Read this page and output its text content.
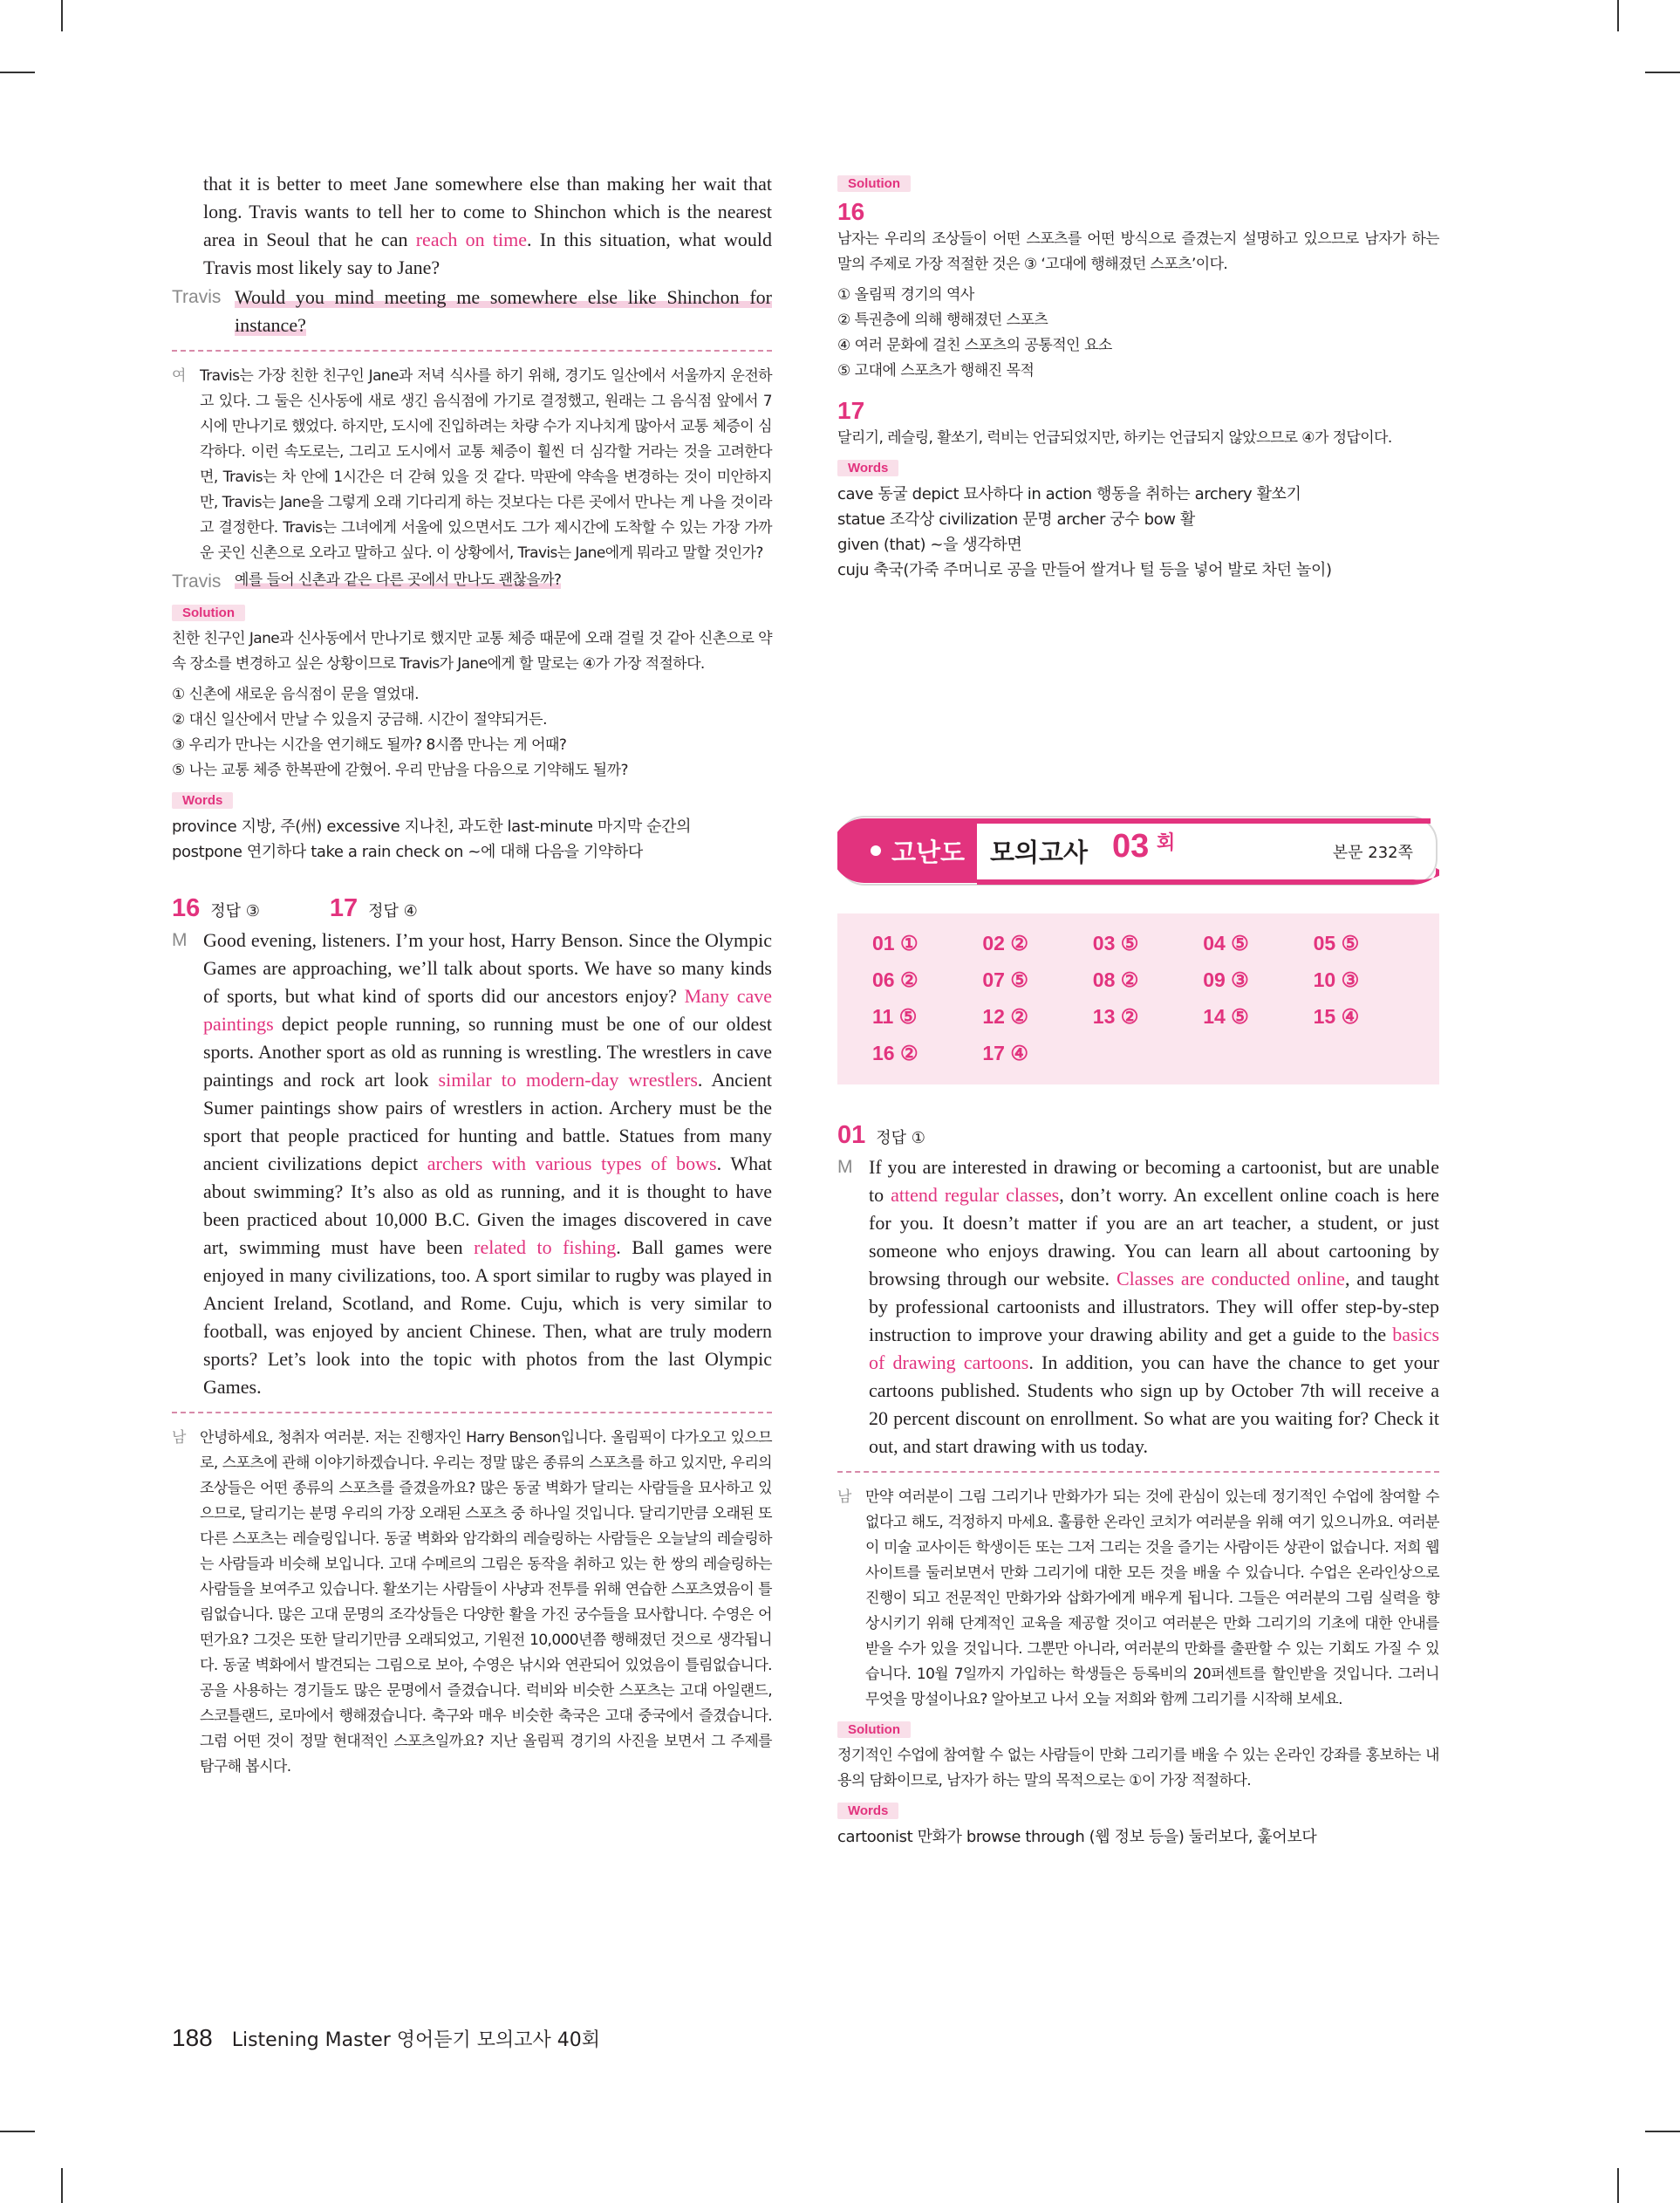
that it is better to meet Jane somewhere else than making her wait that long. Travis wants to tell her to come to Shinchon which is the nearest area in Seoul that he can reach on time. In this situation, what would Travis most likely say to Jane?
Travis Would you mind meeting me somewhere else like Shinchon for instance?
여 Travis는 가장 친한 친구인 Jane과 저녁 식사를 하기 위해, 경기도 일산에서 서울까지 운전하고 있다. 그 둘은 신사동에 새로 생긴 음식점에 가기로 결정했고, 원래는 그 음식점 앞에서 7시에 만나기로 했었다. 하지만, 도시에 진입하려는 차량 수가 지나치게 많아서 교통 체증이 심각하다. 이런 속도로는, 그리고 도시에서 교통 체증이 훨씬 더 심각할 거라는 것을 고려한다면, Travis는 차 안에 1시간은 더 갇혀 있을 것 같다. 막판에 약속을 변경하는 것이 미안하지만, Travis는 Jane을 그렇게 오래 기다리게 하는 것보다는 다른 곳에서 만나는 게 나을 것이라고 결정한다. Travis는 그녀에게 서울에 있으면서도 그가 제시간에 도착할 수 있는 가장 가까운 곳인 신촌으로 오라고 말하고 싶다. 이 상황에서, Travis는 Jane에게 뭐라고 말할 것인가?
Travis 예를 들어 신촌과 같은 다른 곳에서 만나도 괜찮을까?
Solution
친한 친구인 Jane과 신사동에서 만나기로 했지만 교통 체증 때문에 오래 걸릴 것 같아 신촌으로 약속 장소를 변경하고 싶은 상황이므로 Travis가 Jane에게 할 말로는 ④가 가장 적절하다.
① 신촌에 새로운 음식점이 문을 열었대.
② 대신 일산에서 만날 수 있을지 궁금해. 시간이 절약되거든.
③ 우리가 만나는 시간을 연기해도 될까? 8시쯤 만나는 게 어때?
⑤ 나는 교통 체증 한복판에 갇혔어. 우리 만남을 다음으로 기약해도 될까?
Words
province 지방, 주(州) excessive 지나친, 과도한 last-minute 마지막 순간의
postpone 연기하다 take a rain check on ~에 대해 다음을 기약하다
16 정답 ③	17 정답 ④
M Good evening, listeners. I’m your host, Harry Benson. Since the Olympic Games are approaching, we’ll talk about sports. We have so many kinds of sports, but what kind of sports did our ancestors enjoy? Many cave paintings depict people running, so running must be one of our oldest sports. Another sport as old as running is wrestling. The wrestlers in cave paintings and rock art look similar to modern-day wrestlers. Ancient Sumer paintings show pairs of wrestlers in action. Archery must be the sport that people practiced for hunting and battle. Statues from many ancient civilizations depict archers with various types of bows. What about swimming? It’s also as old as running, and it is thought to have been practiced about 10,000 B.C. Given the images discovered in cave art, swimming must have been related to fishing. Ball games were enjoyed in many civilizations, too. A sport similar to rugby was played in Ancient Ireland, Scotland, and Rome. Cuju, which is very similar to football, was enjoyed by ancient Chinese. Then, what are truly modern sports? Let’s look into the topic with photos from the last Olympic Games.
남 안녕하세요, 청취자 여러분. 저는 진행자인 Harry Benson입니다. 올림픽이 다가오고 있으므로, 스포츠에 관해 이야기하겠습니다. 우리는 정말 많은 종류의 스포츠를 하고 있지만, 우리의 조상들은 어떤 종류의 스포츠를 즐겼을까요? 많은 동굴 벽화가 달리는 사람들을 묘사하고 있으므로, 달리기는 분명 우리의 가장 오래된 스포츠 중 하나일 것입니다. 달리기만큼 오래된 또 다른 스포츠는 레슬링입니다. 동굴 벽화와 암각화의 레슬링하는 사람들은 오늘날의 레슬링하는 사람들과 비슷해 보입니다. 고대 수메르의 그림은 동작을 취하고 있는 한 쌍의 레슬링하는 사람들을 보여주고 있습니다. 활쏘기는 사람들이 사냥과 전투를 위해 연습한 스포츠였음이 틀림없습니다. 많은 고대 문명의 조각상들은 다양한 활을 가진 궁수들을 묘사합니다. 수영은 어떤가요? 그것은 또한 달리기만큼 오래되었고, 기원전 10,000년쯤 행해졌던 것으로 생각됩니다. 동굴 벽화에서 발견되는 그림으로 보아, 수영은 낚시와 연관되어 있었음이 틀림없습니다. 공을 사용하는 경기들도 많은 문명에서 즐겼습니다. 럭비와 비슷한 스포츠는 고대 아일랜드, 스코틀랜드, 로마에서 행해졌습니다. 축구와 매우 비슷한 축국은 고대 중국에서 즐겼습니다. 그럼 어떤 것이 정말 현대적인 스포츠일까요? 지난 올림픽 경기의 사진을 보면서 그 주제를 탐구해 봅시다.
Solution
16
남자는 우리의 조상들이 어떤 스포츠를 어떤 방식으로 즐겼는지 설명하고 있으므로 남자가 하는 말의 주제로 가장 적절한 것은 ③ ‘고대에 행해졌던 스포츠’이다.
① 올림픽 경기의 역사
② 특권층에 의해 행해졌던 스포츠
④ 여러 문화에 걸친 스포츠의 공통적인 요소
⑤ 고대에 스포츠가 행해진 목적
17
달리기, 레슬링, 활쏘기, 럭비는 언급되었지만, 하키는 언급되지 않았으므로 ④가 정답이다.
Words
cave 동굴 depict 묘사하다 in action 행동을 취하는 archery 활쏘기
statue 조각상 civilization 문명 archer 궁수 bow 활
given (that) ~을 생각하면
cuju 축국(가죽 주머니로 공을 만들어 쌀겨나 털 등을 넣어 발로 차던 놀이)
고난도 모의고사 03 회	본문 232쪽
01 ①	02 ②	03 ⑤	04 ⑤	05 ⑤
06 ②	07 ⑤	08 ②	09 ③	10 ③
11 ⑤	12 ②	13 ②	14 ⑤	15 ④
16 ②	17 ④
01 정답 ①
M If you are interested in drawing or becoming a cartoonist, but are unable to attend regular classes, don’t worry. An excellent online coach is here for you. It doesn’t matter if you are an art teacher, a student, or just someone who enjoys drawing. You can learn all about cartooning by browsing through our website. Classes are conducted online, and taught by professional cartoonists and illustrators. They will offer step-by-step instruction to improve your drawing ability and get a guide to the basics of drawing cartoons. In addition, you can have the chance to get your cartoons published. Students who sign up by October 7th will receive a 20 percent discount on enrollment. So what are you waiting for? Check it out, and start drawing with us today.
남 만약 여러분이 그림 그리기나 만화가가 되는 것에 관심이 있는데 정기적인 수업에 참여할 수 없다고 해도, 걱정하지 마세요. 훌륭한 온라인 코치가 여러분을 위해 여기 있으니까요. 여러분이 미술 교사이든 학생이든 또는 그저 그리는 것을 즐기는 사람이든 상관이 없습니다. 저희 웹 사이트를 둘러보면서 만화 그리기에 대한 모든 것을 배울 수 있습니다. 수업은 온라인상으로 진행이 되고 전문적인 만화가와 삽화가에게 배우게 됩니다. 그들은 여러분의 그림 실력을 향상시키기 위해 단계적인 교육을 제공할 것이고 여러분은 만화 그리기의 기초에 대한 안내를 받을 수가 있을 것입니다. 그뿐만 아니라, 여러분의 만화를 출판할 수 있는 기회도 가질 수 있습니다. 10월 7일까지 가입하는 학생들은 등록비의 20퍼센트를 할인받을 것입니다. 그러니 무엇을 망설이나요? 알아보고 나서 오늘 저희와 함께 그리기를 시작해 보세요.
Solution
정기적인 수업에 참여할 수 없는 사람들이 만화 그리기를 배울 수 있는 온라인 강좌를 홍보하는 내용의 담화이므로, 남자가 하는 말의 목적으로는 ①이 가장 적절하다.
Words
cartoonist 만화가 browse through (웹 정보 등을) 둘러보다, 훑어보다
188 Listening Master 영어듣기 모의고사 40회
